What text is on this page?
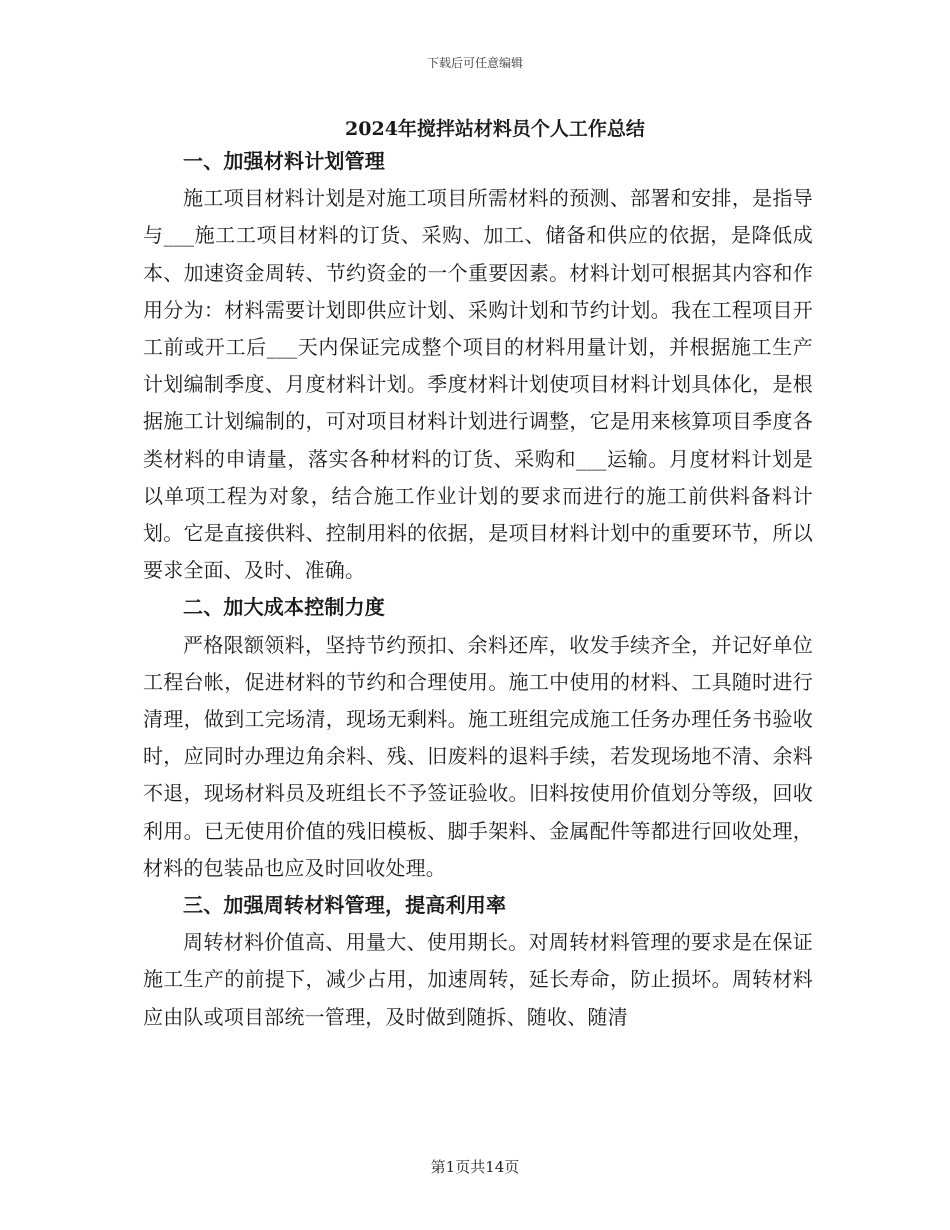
下载后可任意编辑
2024年搅拌站材料员个人工作总结
一、加强材料计划管理

施工项目材料计划是对施工项目所需材料的预测、部署和安排，是指导与___施工工项目材料的订货、采购、加工、储备和供应的依据，是降低成本、加速资金周转、节约资金的一个重要因素。材料计划可根据其内容和作用分为：材料需要计划即供应计划、采购计划和节约计划。我在工程项目开工前或开工后___天内保证完成整个项目的材料用量计划，并根据施工生产计划编制季度、月度材料计划。季度材料计划使项目材料计划具体化，是根据施工计划编制的，可对项目材料计划进行调整，它是用来核算项目季度各类材料的申请量，落实各种材料的订货、采购和___运输。月度材料计划是以单项工程为对象，结合施工作业计划的要求而进行的施工前供料备料计划。它是直接供料、控制用料的依据，是项目材料计划中的重要环节，所以要求全面、及时、准确。

二、加大成本控制力度

严格限额领料，坚持节约预扣、余料还库，收发手续齐全，并记好单位工程台帐，促进材料的节约和合理使用。施工中使用的材料、工具随时进行清理，做到工完场清，现场无剩料。施工班组完成施工任务办理任务书验收时，应同时办理边角余料、残、旧废料的退料手续，若发现场地不清、余料不退，现场材料员及班组长不予签证验收。旧料按使用价值划分等级，回收利用。已无使用价值的残旧模板、脚手架料、金属配件等都进行回收处理，材料的包装品也应及时回收处理。

三、加强周转材料管理，提高利用率

周转材料价值高、用量大、使用期长。对周转材料管理的要求是在保证施工生产的前提下，减少占用，加速周转，延长寿命，防止损坏。周转材料应由队或项目部统一管理，及时做到随拆、随收、随清

第1页共14页
